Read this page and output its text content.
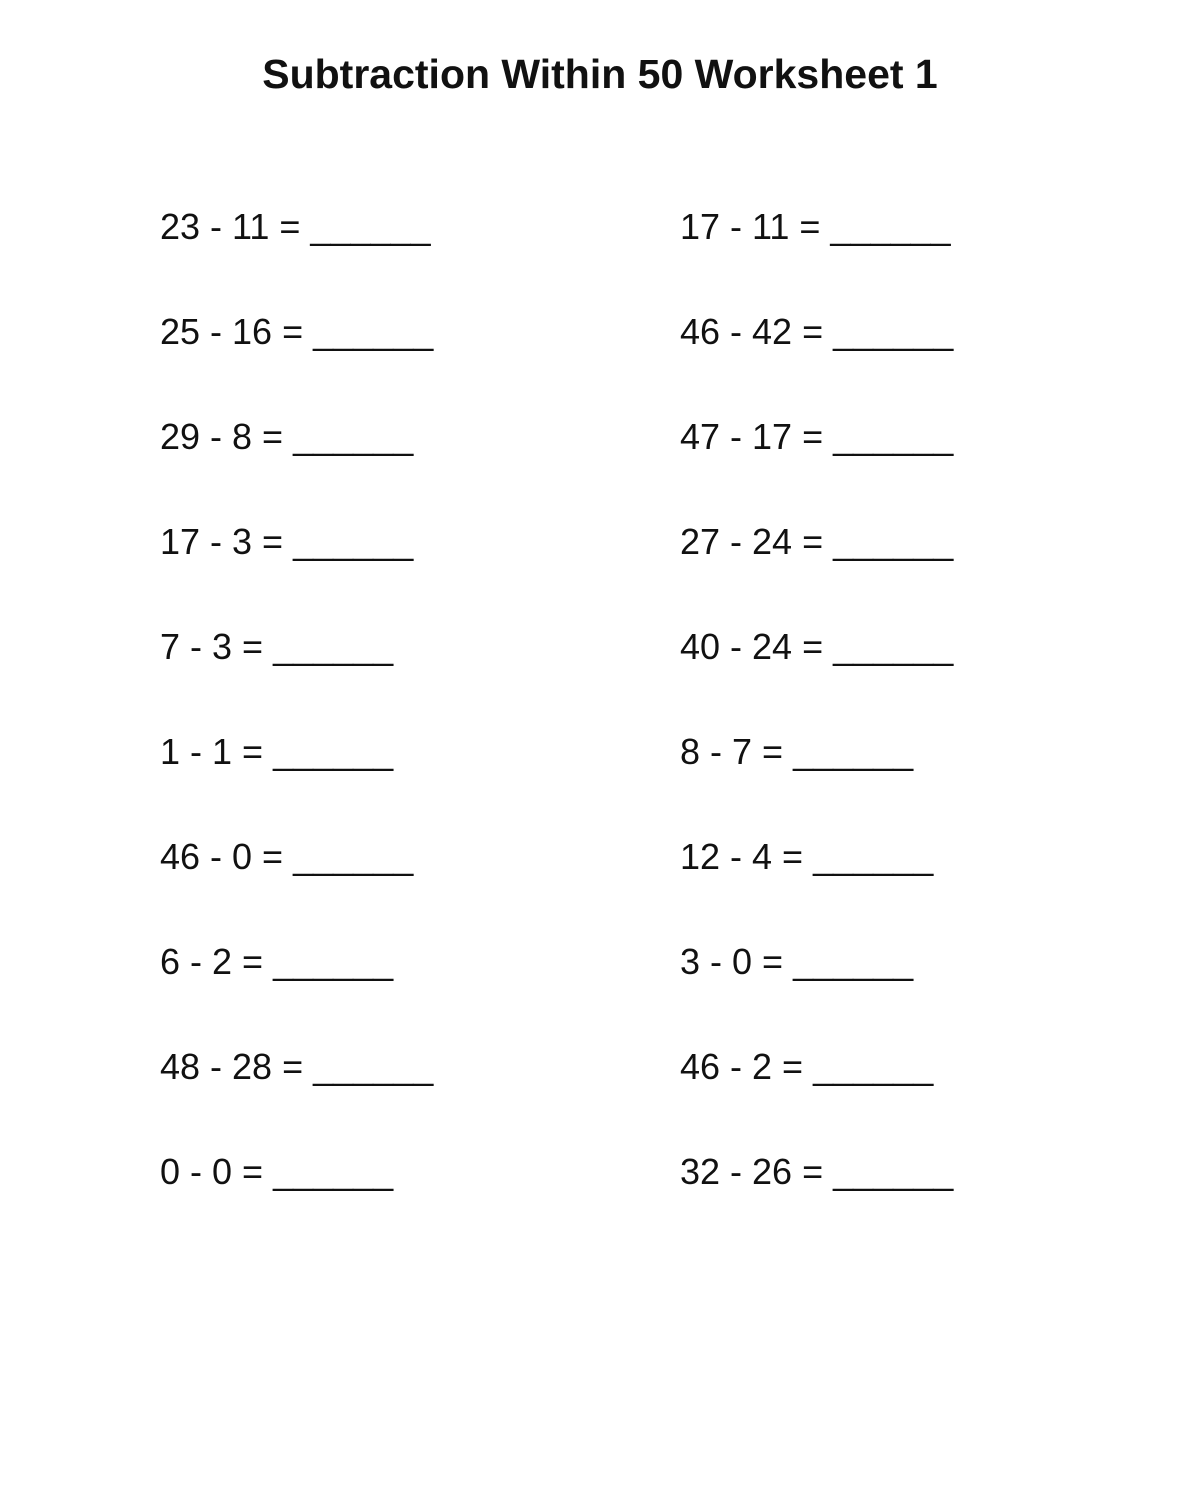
Subtraction Within 50 Worksheet 1
23 - 11 = ______	17 - 11 = ______
25 - 16 = ______	46 - 42 = ______
29 - 8 = ______	47 - 17 = ______
17 - 3 = ______	27 - 24 = ______
7 - 3 = ______	40 - 24 = ______
1 - 1 = ______	8 - 7 = ______
46 - 0 = ______	12 - 4 = ______
6 - 2 = ______	3 - 0 = ______
48 - 28 = ______	46 - 2 = ______
0 - 0 = ______	32 - 26 = ______
